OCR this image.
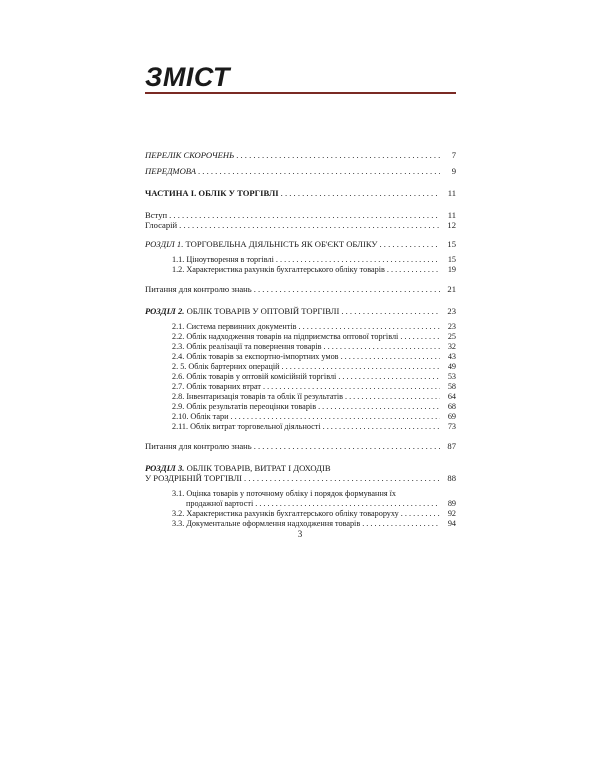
ЗМІСТ
ПЕРЕЛІК СКОРОЧЕНЬ . . .	7
ПЕРЕДМОВА . . .	9
ЧАСТИНА I. ОБЛІК У ТОРГІВЛІ . . .	11
Вступ . . .	11
Глосарій . . .	12
РОЗДІЛ 1. ТОРГОВЕЛЬНА ДІЯЛЬНІСТЬ ЯК ОБ'ЄКТ ОБЛІКУ . . .	15
1.1. Ціноутворення в торгівлі . . .	15
1.2. Характеристика рахунків бухгалтерського обліку товарів . . .	19
Питання для контролю знань . . .	21
РОЗДІЛ 2. ОБЛІК ТОВАРІВ У ОПТОВІЙ ТОРГІВЛІ . . .	23
2.1. Система первинних документів . . .	23
2.2. Облік надходження товарів на підприємства оптової торгівлі . . .	25
2.3. Облік реалізації та повернення товарів . . .	32
2.4. Облік товарів за експортно-імпортних умов . . .	43
2. 5. Облік бартерних операцій . . .	49
2.6. Облік товарів у оптовій комісійній торгівлі . . .	53
2.7. Облік товарних втрат . . .	58
2.8. Інвентаризація товарів та облік її результатів . . .	64
2.9. Облік результатів переоцінки товарів . . .	68
2.10. Облік тари . . .	69
2.11. Облік витрат торговельної діяльності . . .	73
Питання для контролю знань . . .	87
РОЗДІЛ 3. ОБЛІК ТОВАРІВ, ВИТРАТ І ДОХОДІВ
У РОЗДРІБНІЙ ТОРГІВЛІ . . .	88
3.1. Оцінка товарів у поточному обліку і порядок формування їх
продажної вартості . . .	89
3.2. Характеристика рахунків бухгалтерського обліку товароруху . . .	92
3.3. Документальне оформлення надходження товарів . . .	94
3
